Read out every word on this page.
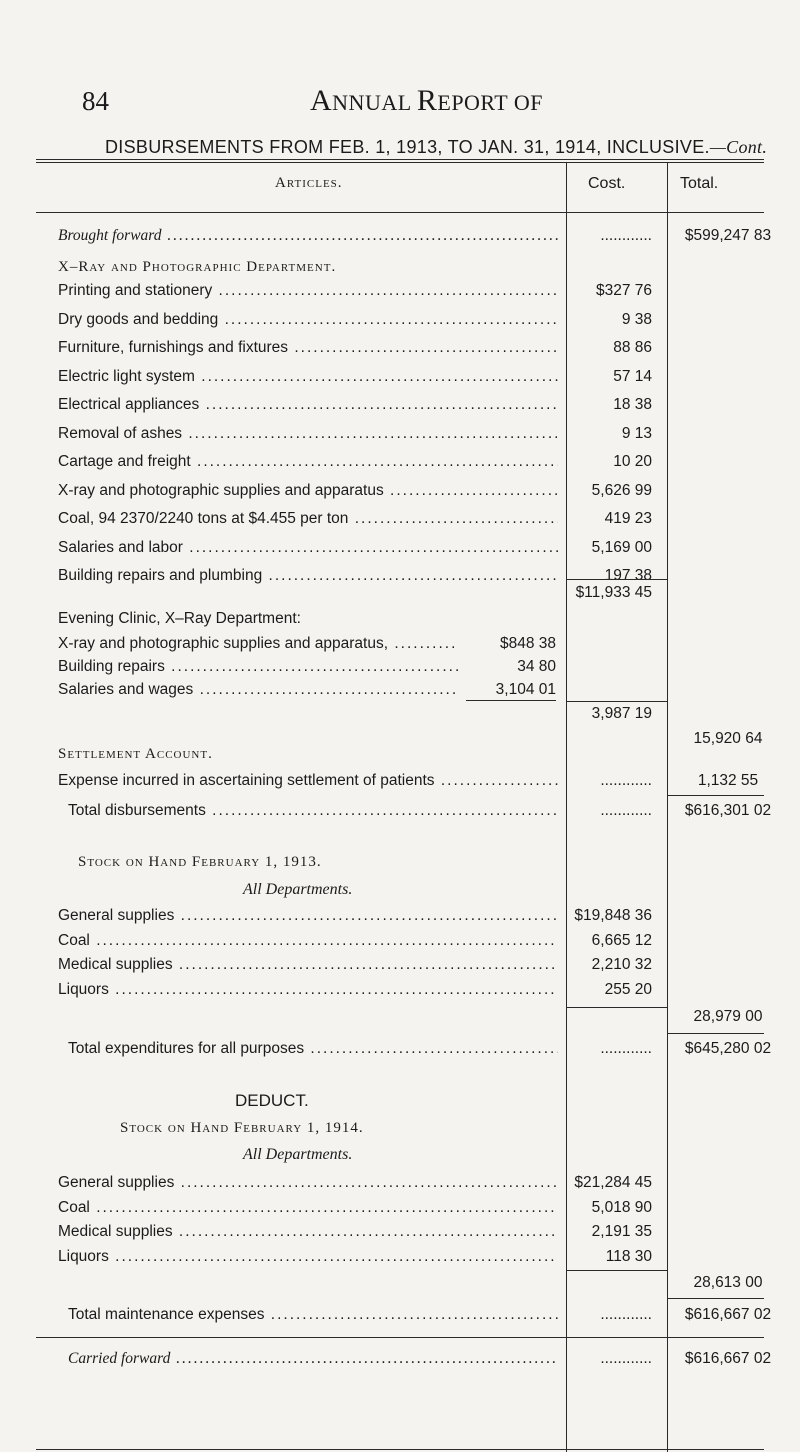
84	ANNUAL REPORT OF
DISBURSEMENTS FROM FEB. 1, 1913, TO JAN. 31, 1914, INCLUSIVE.—Cont.
Articles.	Cost.	Total.
Brought forward .....	............	$599,247 83
X–Ray and Photographic Department.
Printing and stationery .....	$327 76
Dry goods and bedding .....	9 38
Furniture, furnishings and fixtures .....	88 86
Electric light system .....	57 14
Electrical appliances .....	18 38
Removal of ashes .....	9 13
Cartage and freight .....	10 20
X-ray and photographic supplies and apparatus .....	5,626 99
Coal, 94 2370/2240 tons at $4.455 per ton .....	419 23
Salaries and labor .....	5,169 00
Building repairs and plumbing .....	197 38
$11,933 45
Evening Clinic, X–Ray Department:
X-ray and photographic supplies and apparatus, .....	$848 38
Building repairs .....	34 80
Salaries and wages .....	3,104 01
3,987 19
15,920 64
Settlement Account.
Expense incurred in ascertaining settlement of patients .....	............	1,132 55
Total disbursements .....	............	$616,301 02
Stock on Hand February 1, 1913.
All Departments.
General supplies .....	$19,848 36
Coal .....	6,665 12
Medical supplies .....	2,210 32
Liquors .....	255 20
28,979 00
Total expenditures for all purposes .....	............	$645,280 02
DEDUCT.
Stock on Hand February 1, 1914.
All Departments.
General supplies .....	$21,284 45
Coal .....	5,018 90
Medical supplies .....	2,191 35
Liquors .....	118 30
28,613 00
Total maintenance expenses .....	............	$616,667 02
Carried forward .....	............	$616,667 02
